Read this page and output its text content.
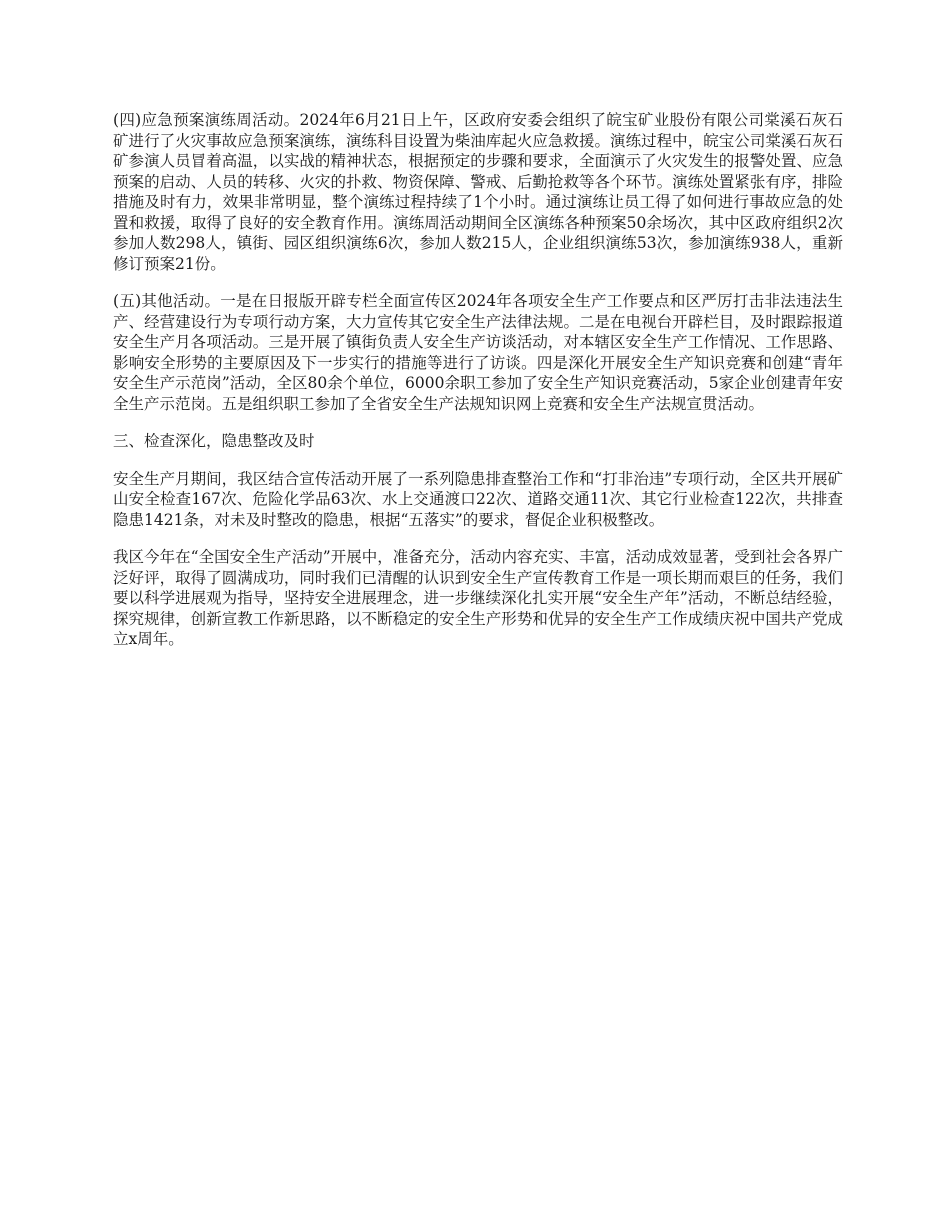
(四)应急预案演练周活动。2024年6月21日上午，区政府安委会组织了皖宝矿业股份有限公司棠溪石灰石矿进行了火灾事故应急预案演练，演练科目设置为柴油库起火应急救援。演练过程中，皖宝公司棠溪石灰石矿参演人员冒着高温，以实战的精神状态，根据预定的步骤和要求，全面演示了火灾发生的报警处置、应急预案的启动、人员的转移、火灾的扑救、物资保障、警戒、后勤抢救等各个环节。演练处置紧张有序，排险措施及时有力，效果非常明显，整个演练过程持续了1个小时。通过演练让员工得了如何进行事故应急的处置和救援，取得了良好的安全教育作用。演练周活动期间全区演练各种预案50余场次，其中区政府组织2次参加人数298人，镇街、园区组织演练6次，参加人数215人，企业组织演练53次，参加演练938人，重新修订预案21份。

(五)其他活动。一是在日报版开辟专栏全面宣传区2024年各项安全生产工作要点和区严厉打击非法违法生产、经营建设行为专项行动方案，大力宣传其它安全生产法律法规。二是在电视台开辟栏目，及时跟踪报道安全生产月各项活动。三是开展了镇街负责人安全生产访谈活动，对本辖区安全生产工作情况、工作思路、影响安全形势的主要原因及下一步实行的措施等进行了访谈。四是深化开展安全生产知识竞赛和创建“青年安全生产示范岗”活动，全区80余个单位，6000余职工参加了安全生产知识竞赛活动，5家企业创建青年安全生产示范岗。五是组织职工参加了全省安全生产法规知识网上竞赛和安全生产法规宣贯活动。

三、检查深化，隐患整改及时

安全生产月期间，我区结合宣传活动开展了一系列隐患排查整治工作和“打非治违”专项行动，全区共开展矿山安全检查167次、危险化学品63次、水上交通渡口22次、道路交通11次、其它行业检查122次，共排查隐患1421条，对未及时整改的隐患，根据“五落实”的要求，督促企业积极整改。

我区今年在“全国安全生产活动”开展中，准备充分，活动内容充实、丰富，活动成效显著，受到社会各界广泛好评，取得了圆满成功，同时我们已清醒的认识到安全生产宣传教育工作是一项长期而艰巨的任务，我们要以科学进展观为指导，坚持安全进展理念，进一步继续深化扎实开展“安全生产年”活动，不断总结经验，探究规律，创新宣教工作新思路，以不断稳定的安全生产形势和优异的安全生产工作成绩庆祝中国共产党成立x周年。
